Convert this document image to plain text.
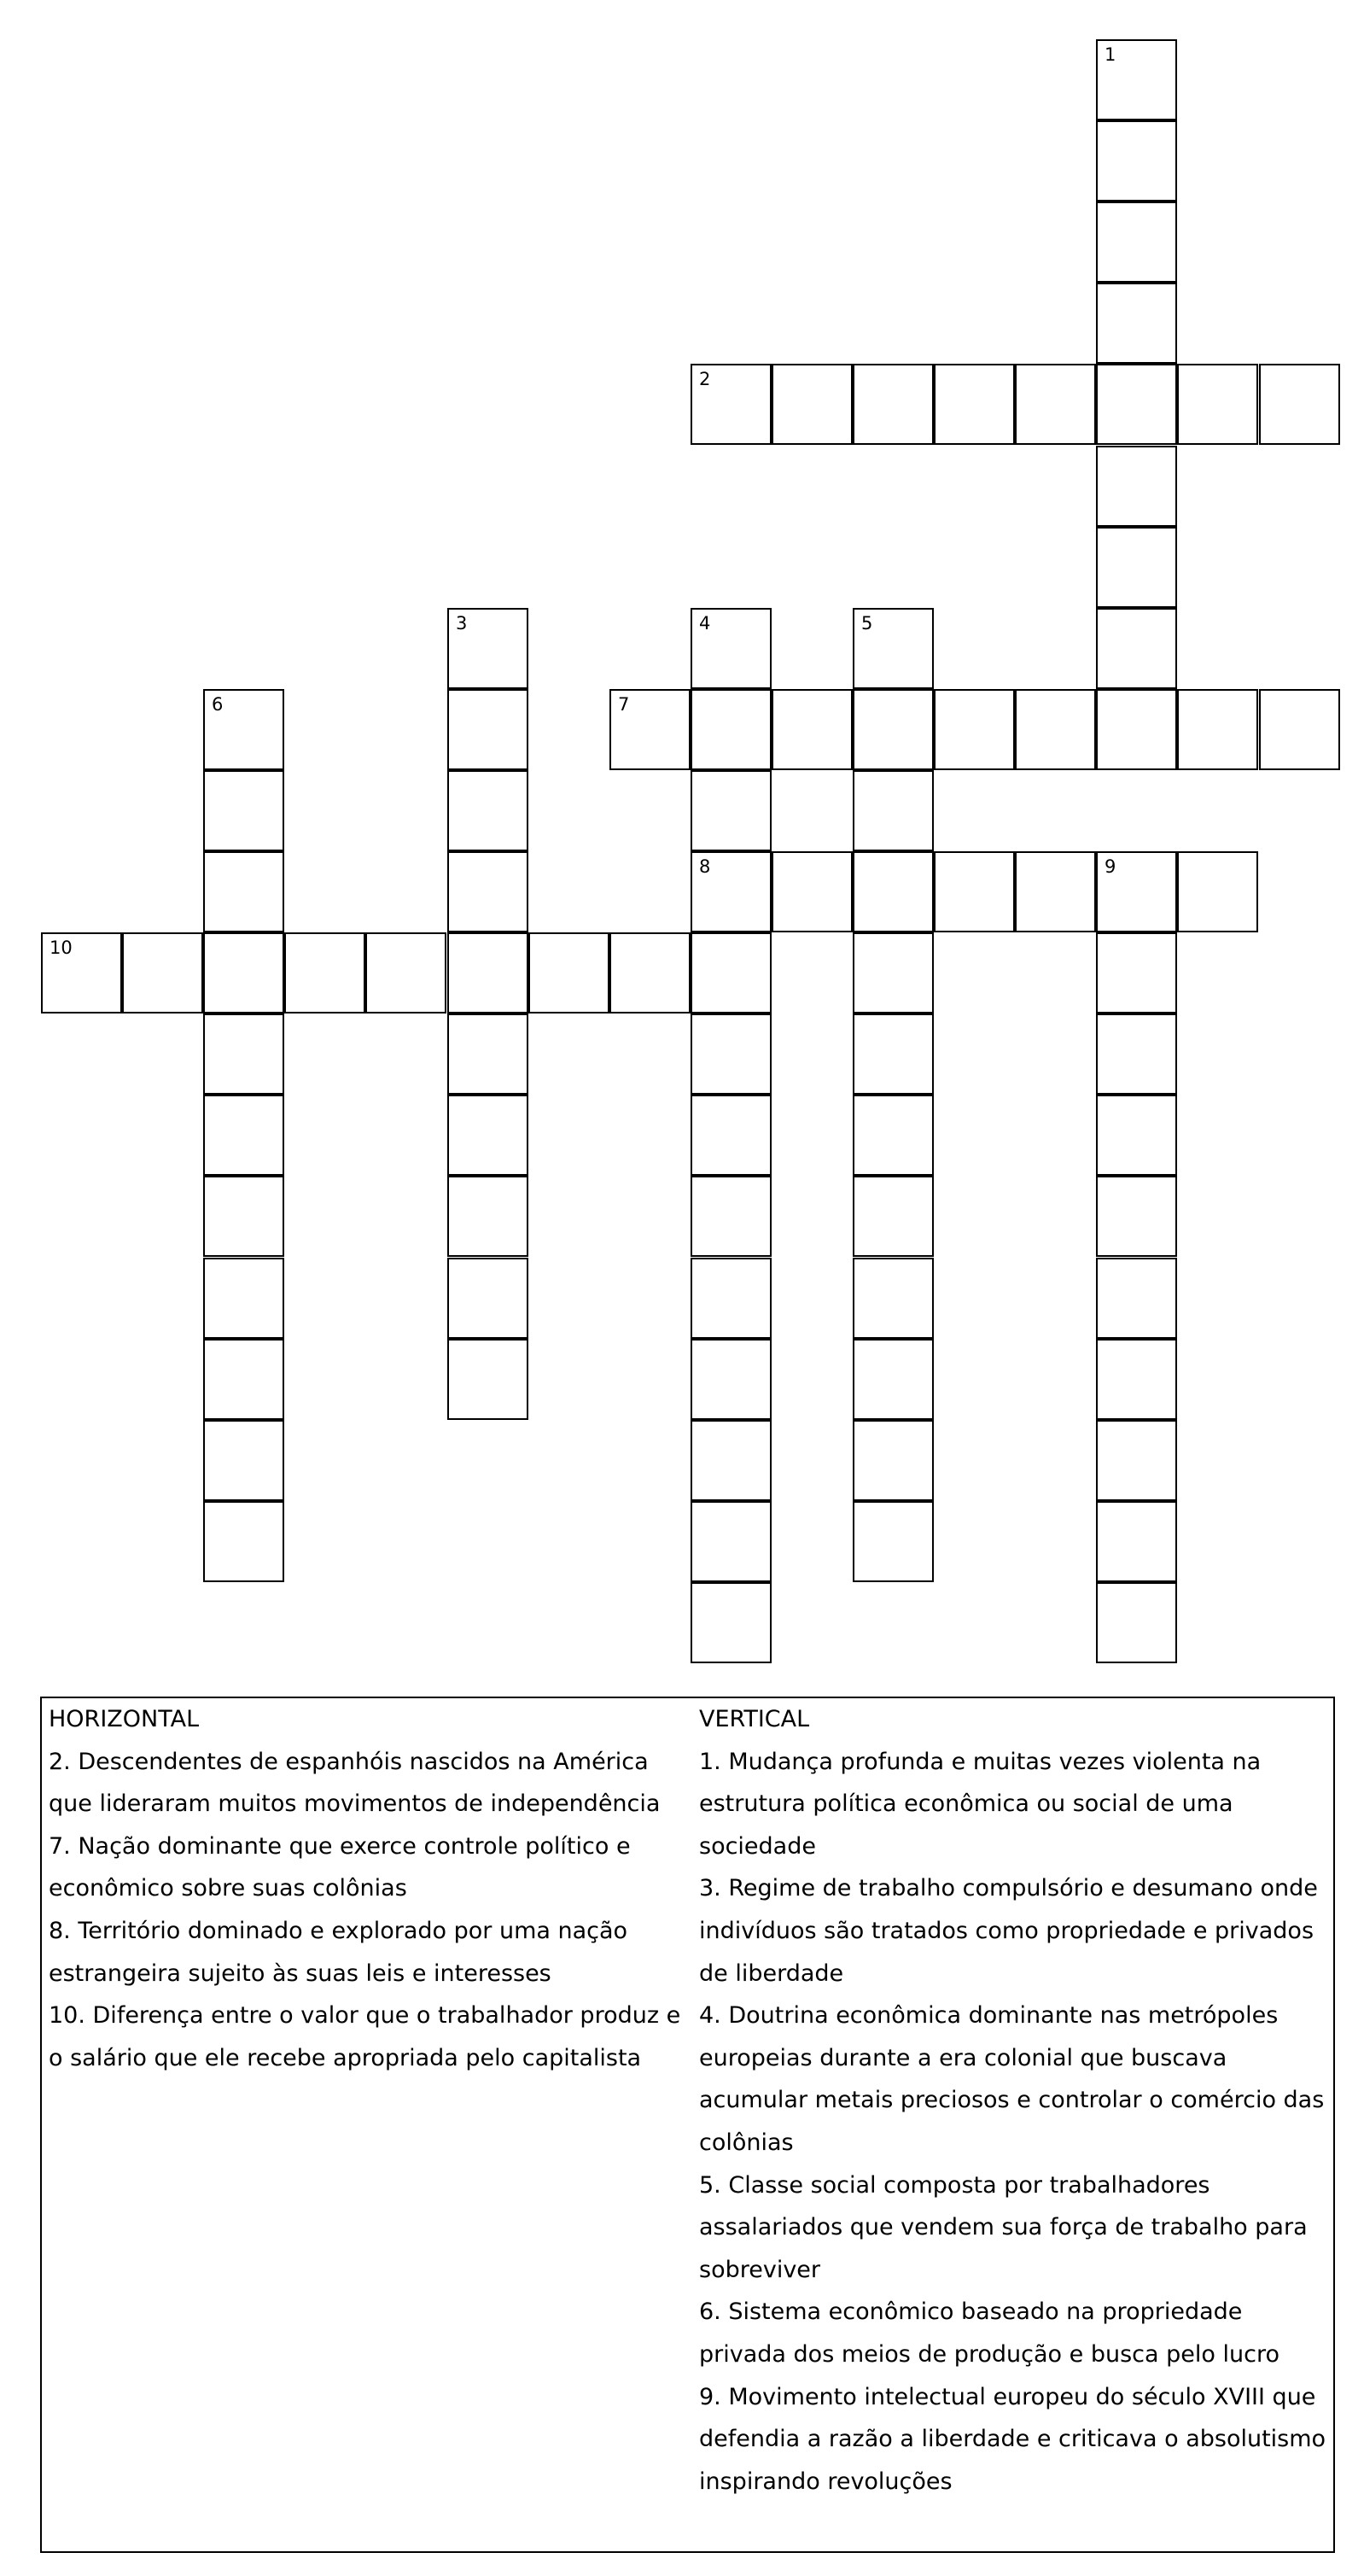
1
2
3	4
8
5
6	7
9
10

HORIZONTAL

2. Descendentes de espanhóis nascidos na América que lideraram muitos movimentos de independência

7. Nação dominante que exerce controle político e econômico sobre suas colônias

8. Território dominado e explorado por uma nação estrangeira sujeito às suas leis e interesses

10. Diferença entre o valor que o trabalhador produz e o salário que ele recebe apropriada pelo capitalista

VERTICAL

1. Mudança profunda e muitas vezes violenta na estrutura política econômica ou social de uma sociedade

3. Regime de trabalho compulsório e desumano onde indivíduos são tratados como propriedade e privados de liberdade

4. Doutrina econômica dominante nas metrópoles europeias durante a era colonial que buscava acumular metais preciosos e controlar o comércio das colônias

5. Classe social composta por trabalhadores assalariados que vendem sua força de trabalho para sobreviver

6. Sistema econômico baseado na propriedade privada dos meios de produção e busca pelo lucro

9. Movimento intelectual europeu do século XVIII que defendia a razão a liberdade e criticava o absolutismo inspirando revoluções
